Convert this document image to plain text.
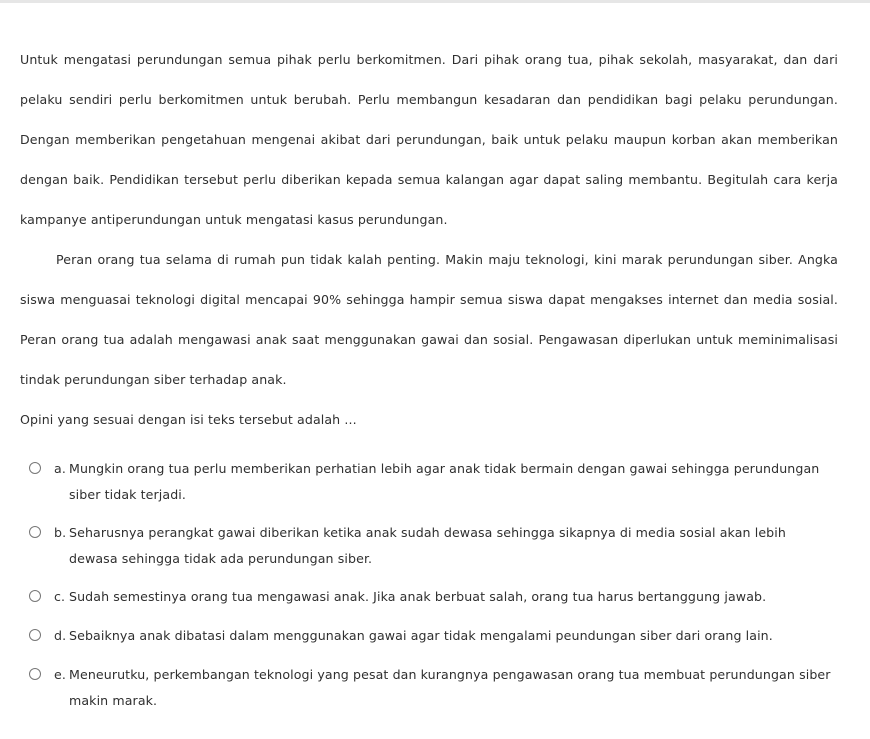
Untuk mengatasi perundungan semua pihak perlu berkomitmen. Dari pihak orang tua, pihak sekolah, masyarakat, dan dari pelaku sendiri perlu berkomitmen untuk berubah. Perlu membangun kesadaran dan pendidikan bagi pelaku perundungan. Dengan memberikan pengetahuan mengenai akibat dari perundungan, baik untuk pelaku maupun korban akan memberikan dengan baik. Pendidikan tersebut perlu diberikan kepada semua kalangan agar dapat saling membantu. Begitulah cara kerja kampanye antiperundungan untuk mengatasi kasus perundungan.

Peran orang tua selama di rumah pun tidak kalah penting. Makin maju teknologi, kini marak perundungan siber. Angka siswa menguasai teknologi digital mencapai 90% sehingga hampir semua siswa dapat mengakses internet dan media sosial. Peran orang tua adalah mengawasi anak saat menggunakan gawai dan sosial. Pengawasan diperlukan untuk meminimalisasi tindak perundungan siber terhadap anak.

Opini yang sesuai dengan isi teks tersebut adalah ...

a. Mungkin orang tua perlu memberikan perhatian lebih agar anak tidak bermain dengan gawai sehingga perundungan siber tidak terjadi.
b. Seharusnya perangkat gawai diberikan ketika anak sudah dewasa sehingga sikapnya di media sosial akan lebih dewasa sehingga tidak ada perundungan siber.
c. Sudah semestinya orang tua mengawasi anak. Jika anak berbuat salah, orang tua harus bertanggung jawab.
d. Sebaiknya anak dibatasi dalam menggunakan gawai agar tidak mengalami peundungan siber dari orang lain.
e. Meneurutku, perkembangan teknologi yang pesat dan kurangnya pengawasan orang tua membuat perundungan siber makin marak.
